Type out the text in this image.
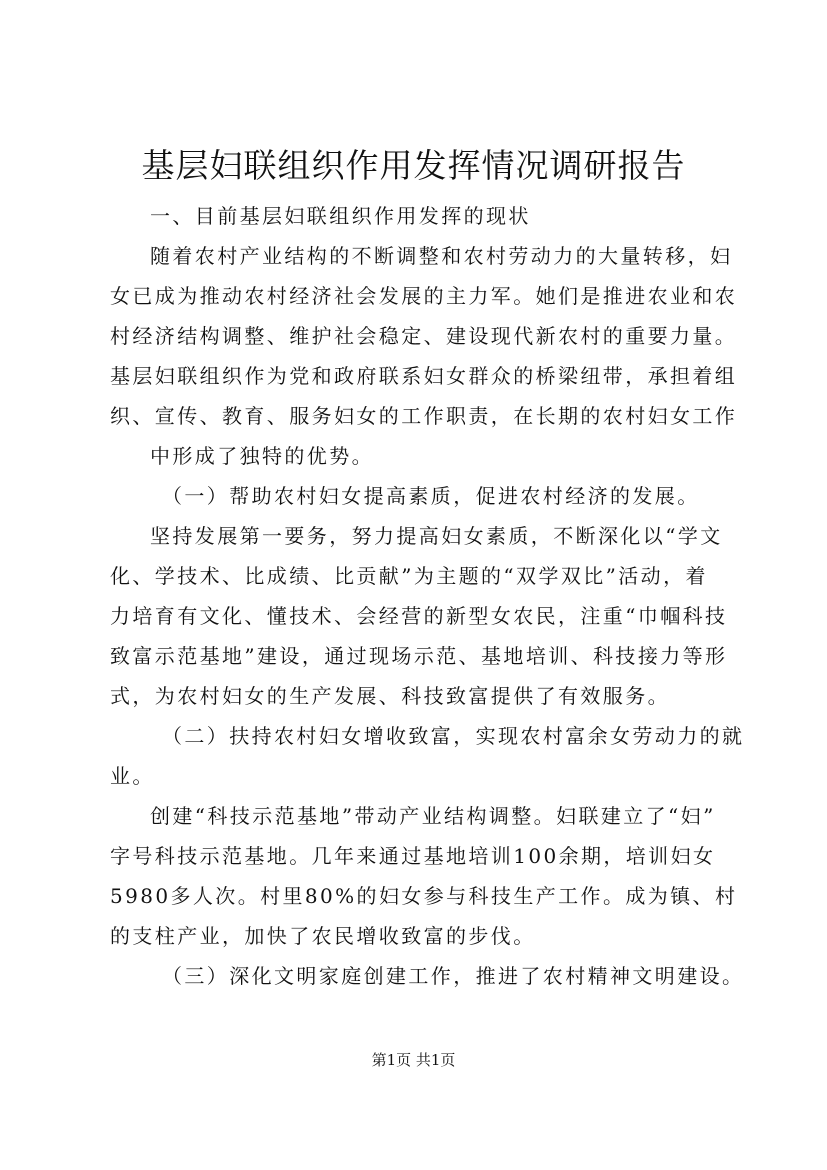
基层妇联组织作用发挥情况调研报告
一、目前基层妇联组织作用发挥的现状
随着农村产业结构的不断调整和农村劳动力的大量转移，妇
女已成为推动农村经济社会发展的主力军。她们是推进农业和农
村经济结构调整、维护社会稳定、建设现代新农村的重要力量。
基层妇联组织作为党和政府联系妇女群众的桥梁纽带，承担着组
织、宣传、教育、服务妇女的工作职责，在长期的农村妇女工作
中形成了独特的优势。
（一）帮助农村妇女提高素质，促进农村经济的发展。
坚持发展第一要务，努力提高妇女素质，不断深化以“学文
化、学技术、比成绩、比贡献”为主题的“双学双比”活动，着
力培育有文化、懂技术、会经营的新型女农民，注重“巾帼科技
致富示范基地”建设，通过现场示范、基地培训、科技接力等形
式，为农村妇女的生产发展、科技致富提供了有效服务。
（二）扶持农村妇女增收致富，实现农村富余女劳动力的就
业。
创建“科技示范基地”带动产业结构调整。妇联建立了“妇”
字号科技示范基地。几年来通过基地培训100余期，培训妇女
5980多人次。村里80%的妇女参与科技生产工作。成为镇、村
的支柱产业，加快了农民增收致富的步伐。
（三）深化文明家庭创建工作，推进了农村精神文明建设。
第1页 共1页
